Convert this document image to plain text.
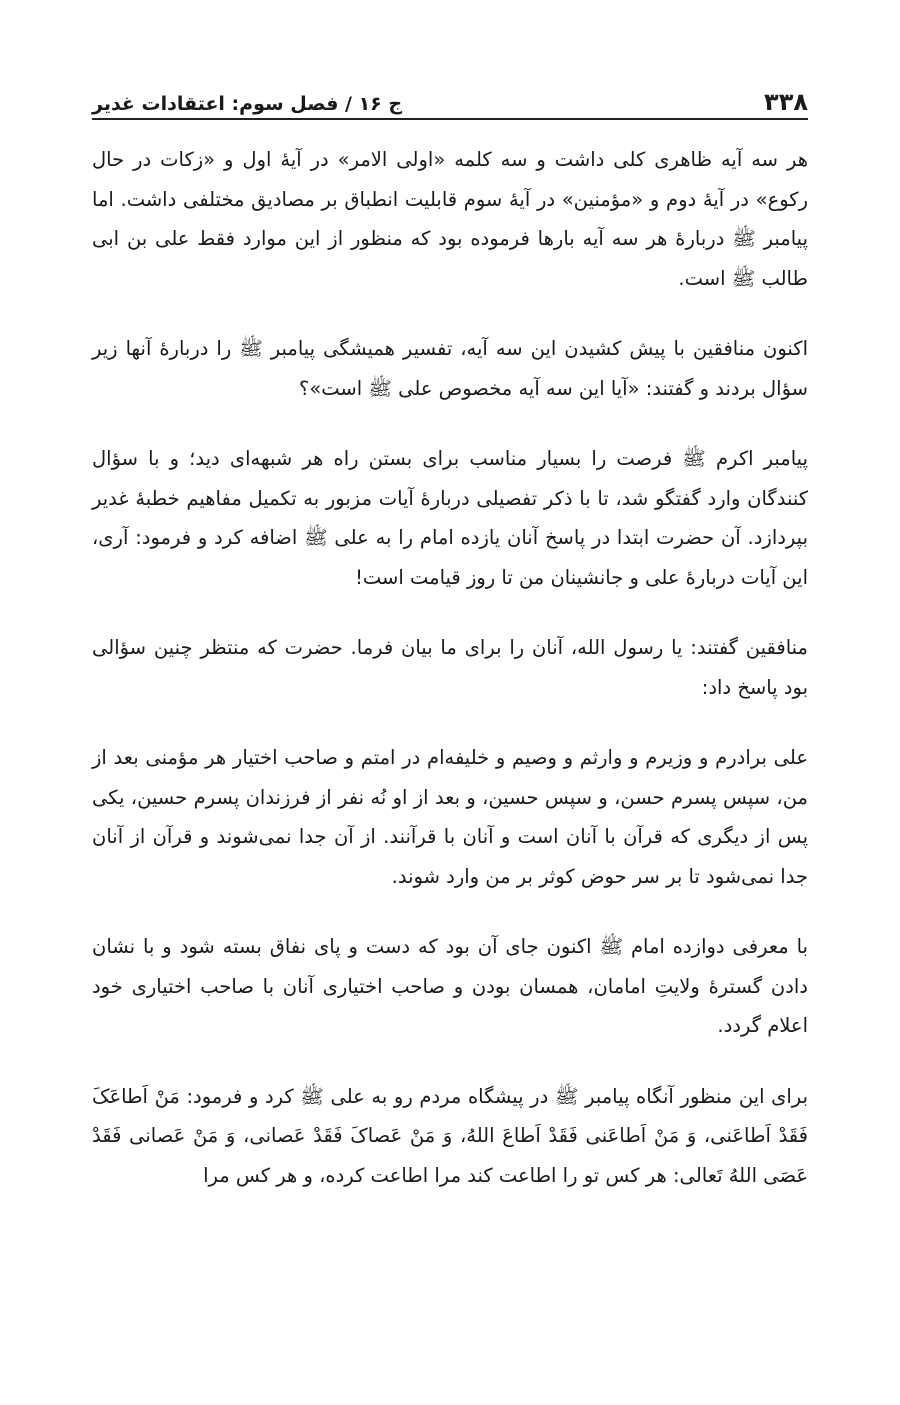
۳۳۸
ج ۱۶ / فصل سوم: اعتقادات غدیر

هر سه آیه ظاهری کلی داشت و سه کلمه «اولی الامر» در آیۀ اول و «زکات در حال رکوع» در آیۀ دوم و «مؤمنین» در آیۀ سوم قابلیت انطباق بر مصادیق مختلفی داشت. اما پیامبر ﷺ دربارۀ هر سه آیه بارها فرموده بود که منظور از این موارد فقط علی بن ابی طالب ﷺ است.

اکنون منافقین با پیش کشیدن این سه آیه، تفسیر همیشگی پیامبر ﷺ را دربارۀ آنها زیر سؤال بردند و گفتند: «آیا این سه آیه مخصوص علی ﷺ است»؟

پیامبر اکرم ﷺ فرصت را بسیار مناسب برای بستن راه هر شبهه‌ای دید؛ و با سؤال کنندگان وارد گفتگو شد، تا با ذکر تفصیلی دربارۀ آیات مزبور به تکمیل مفاهیم خطبۀ غدیر بپردازد. آن حضرت ابتدا در پاسخ آنان یازده امام را به علی ﷺ اضافه کرد و فرمود: آری، این آیات دربارۀ علی و جانشینان من تا روز قیامت است!

منافقین گفتند: یا رسول الله، آنان را برای ما بیان فرما. حضرت که منتظر چنین سؤالی بود پاسخ داد:

علی برادرم و وزیرم و وارثم و وصیم و خلیفه‌ام در امتم و صاحب اختیار هر مؤمنی بعد از من، سپس پسرم حسن، و سپس حسین، و بعد از او نُه نفر از فرزندان پسرم حسین، یکی پس از دیگری که قرآن با آنان است و آنان با قرآنند. از آن جدا نمی‌شوند و قرآن از آنان جدا نمی‌شود تا بر سر حوض کوثر بر من وارد شوند.

با معرفی دوازده امام ﷺ اکنون جای آن بود که دست و پای نفاق بسته شود و با نشان دادن گسترۀ ولایتِ امامان، همسان بودن و صاحب اختیاری آنان با صاحب اختیاری خود اعلام گردد.

برای این منظور آنگاه پیامبر ﷺ در پیشگاه مردم رو به علی ﷺ کرد و فرمود: مَنْ اَطاعَکَ فَقَدْ اَطاعَنی، وَ مَنْ اَطاعَنی فَقَدْ اَطاعَ اللهُ، وَ مَنْ عَصاکَ فَقَدْ عَصانی، وَ مَنْ عَصانی فَقَدْ عَصَی اللهُ تَعالی: هر کس تو را اطاعت کند مرا اطاعت کرده، و هر کس مرا
